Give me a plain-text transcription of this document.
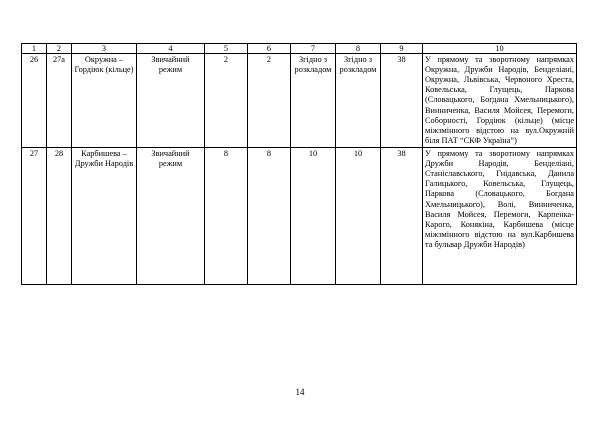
1	2	3	4	5	6	7	8	9	10
26	27а	Окружна – Гордіюк (кільце)	Звичайний режим	2	2	Згідно з розкладом	Згідно з розкладом	38	У прямому та зворотному напрямках Окружна, Дружби Народів, Бенделіані, Окружна, Львівська, Червоного Хреста, Ковельська, Глущець, Паркова (Словацького, Богдана Хмельницького), Винниченка, Василя Мойсея, Перемоги, Соборності, Гордіюк (кільце) (місце міжзмінного відстою на вул.Окружній біля ПАТ “СКФ Україна”)
27	28	Карбишева – Дружби Народів	Звичайний режим	8	8	10	10	38	У прямому та зворотному напрямках Дружби Народів, Бенделіані, Станіславського, Гнідавська, Данила Галицького, Ковельська, Глущець, Паркова (Словацького, Богдана Хмельницького), Волі, Винниченка, Василя Мойсея, Перемоги, Карпенка-Карого, Конякіна, Карбишева (місце міжзмінного відстою на вул.Карбишева та бульвар Дружби Народів)
14
